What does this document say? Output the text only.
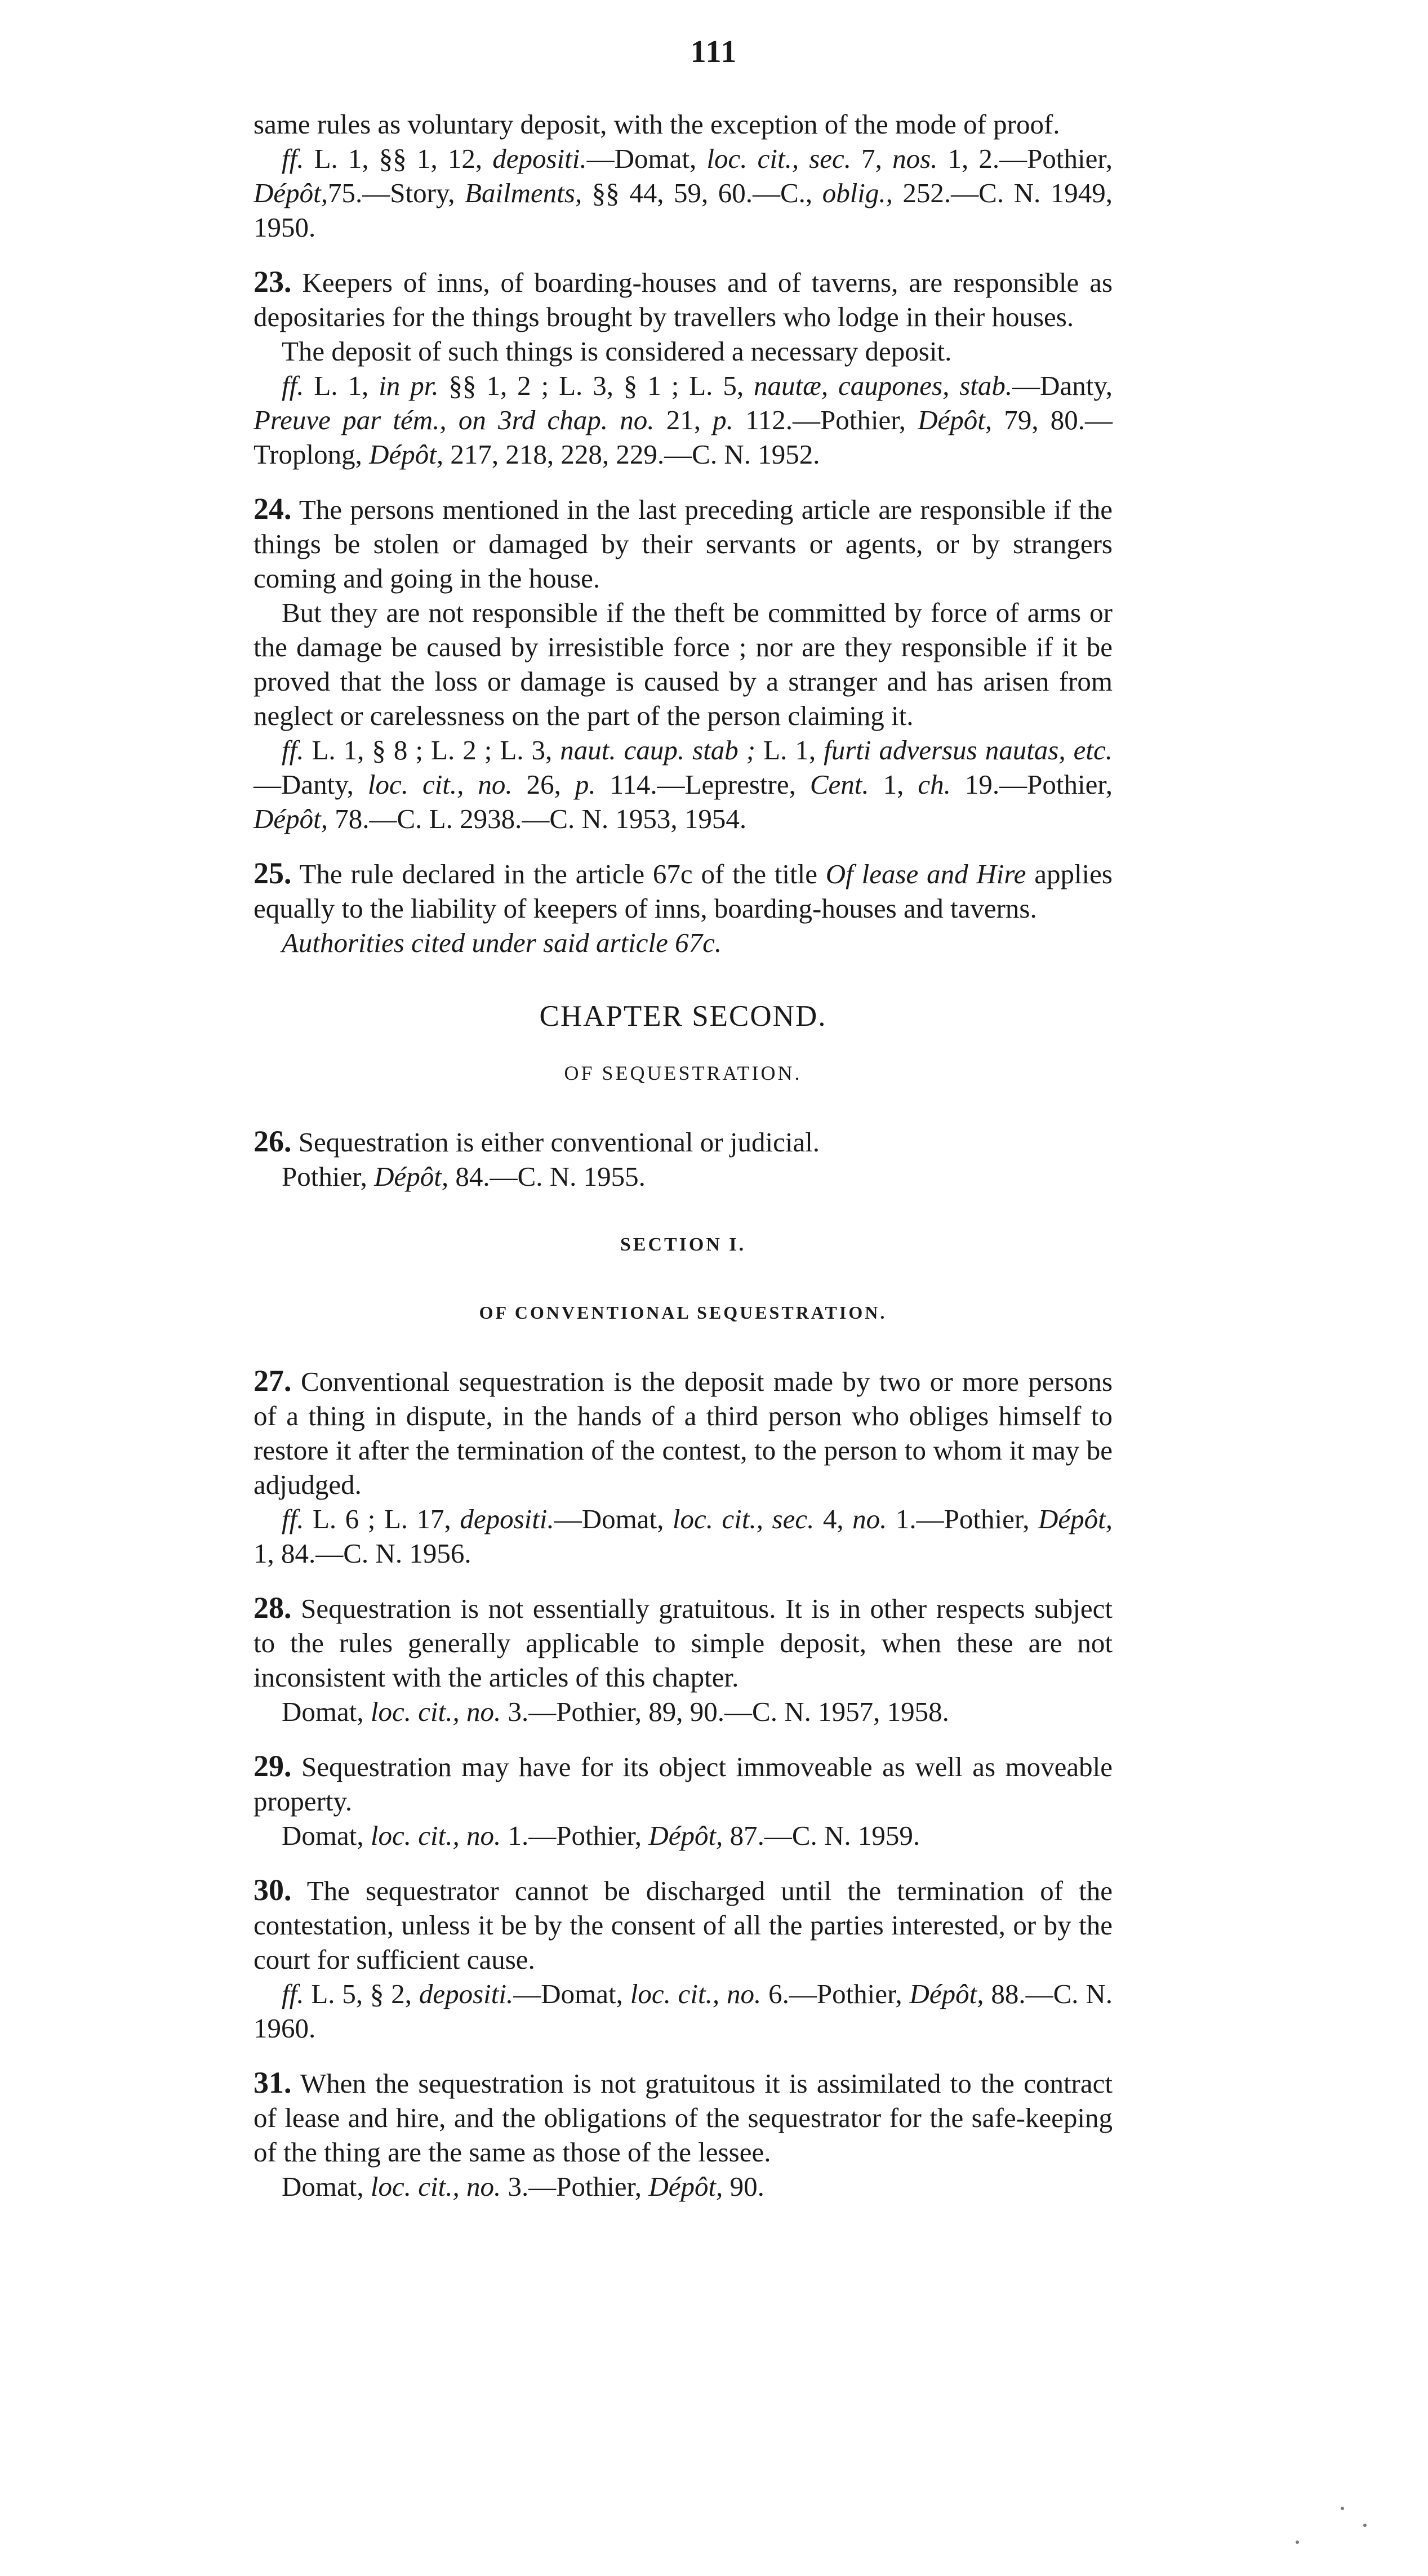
111

same rules as voluntary deposit, with the exception of the mode of proof.

ff. L. 1, §§ 1, 12, depositi.—Domat, loc. cit., sec. 7, nos. 1, 2.—Pothier, Dépôt,75.—Story, Bailments, §§ 44, 59, 60.—C., oblig., 252.—C. N. 1949, 1950.

23. Keepers of inns, of boarding-houses and of taverns, are responsible as depositaries for the things brought by travellers who lodge in their houses.

The deposit of such things is considered a necessary deposit.

ff. L. 1, in pr. §§ 1, 2 ; L. 3, § 1 ; L. 5, nautæ, caupones, stab.—Danty, Preuve par tém., on 3rd chap. no. 21, p. 112.—Pothier, Dépôt, 79, 80.—Troplong, Dépôt, 217, 218, 228, 229.—C. N. 1952.

24. The persons mentioned in the last preceding article are responsible if the things be stolen or damaged by their servants or agents, or by strangers coming and going in the house.

But they are not responsible if the theft be committed by force of arms or the damage be caused by irresistible force ; nor are they responsible if it be proved that the loss or damage is caused by a stranger and has arisen from neglect or carelessness on the part of the person claiming it.

ff. L. 1, § 8 ; L. 2 ; L. 3, naut. caup. stab ; L. 1, furti adversus nautas, etc.—Danty, loc. cit., no. 26, p. 114.—Leprestre, Cent. 1, ch. 19.—Pothier, Dépôt, 78.—C. L. 2938.—C. N. 1953, 1954.

25. The rule declared in the article 67c of the title Of lease and Hire applies equally to the liability of keepers of inns, boarding-houses and taverns.

Authorities cited under said article 67c.

CHAPTER SECOND.
OF SEQUESTRATION.

26. Sequestration is either conventional or judicial.

Pothier, Dépôt, 84.—C. N. 1955.

SECTION I.
OF CONVENTIONAL SEQUESTRATION.

27. Conventional sequestration is the deposit made by two or more persons of a thing in dispute, in the hands of a third person who obliges himself to restore it after the termination of the contest, to the person to whom it may be adjudged.

ff. L. 6 ; L. 17, depositi.—Domat, loc. cit., sec. 4, no. 1.—Pothier, Dépôt, 1, 84.—C. N. 1956.

28. Sequestration is not essentially gratuitous. It is in other respects subject to the rules generally applicable to simple deposit, when these are not inconsistent with the articles of this chapter.

Domat, loc. cit., no. 3.—Pothier, 89, 90.—C. N. 1957, 1958.

29. Sequestration may have for its object immoveable as well as moveable property.

Domat, loc. cit., no. 1.—Pothier, Dépôt, 87.—C. N. 1959.

30. The sequestrator cannot be discharged until the termination of the contestation, unless it be by the consent of all the parties interested, or by the court for sufficient cause.

ff. L. 5, § 2, depositi.—Domat, loc. cit., no. 6.—Pothier, Dépôt, 88.—C. N. 1960.

31. When the sequestration is not gratuitous it is assimilated to the contract of lease and hire, and the obligations of the sequestrator for the safe-keeping of the thing are the same as those of the lessee.

Domat, loc. cit., no. 3.—Pothier, Dépôt, 90.
